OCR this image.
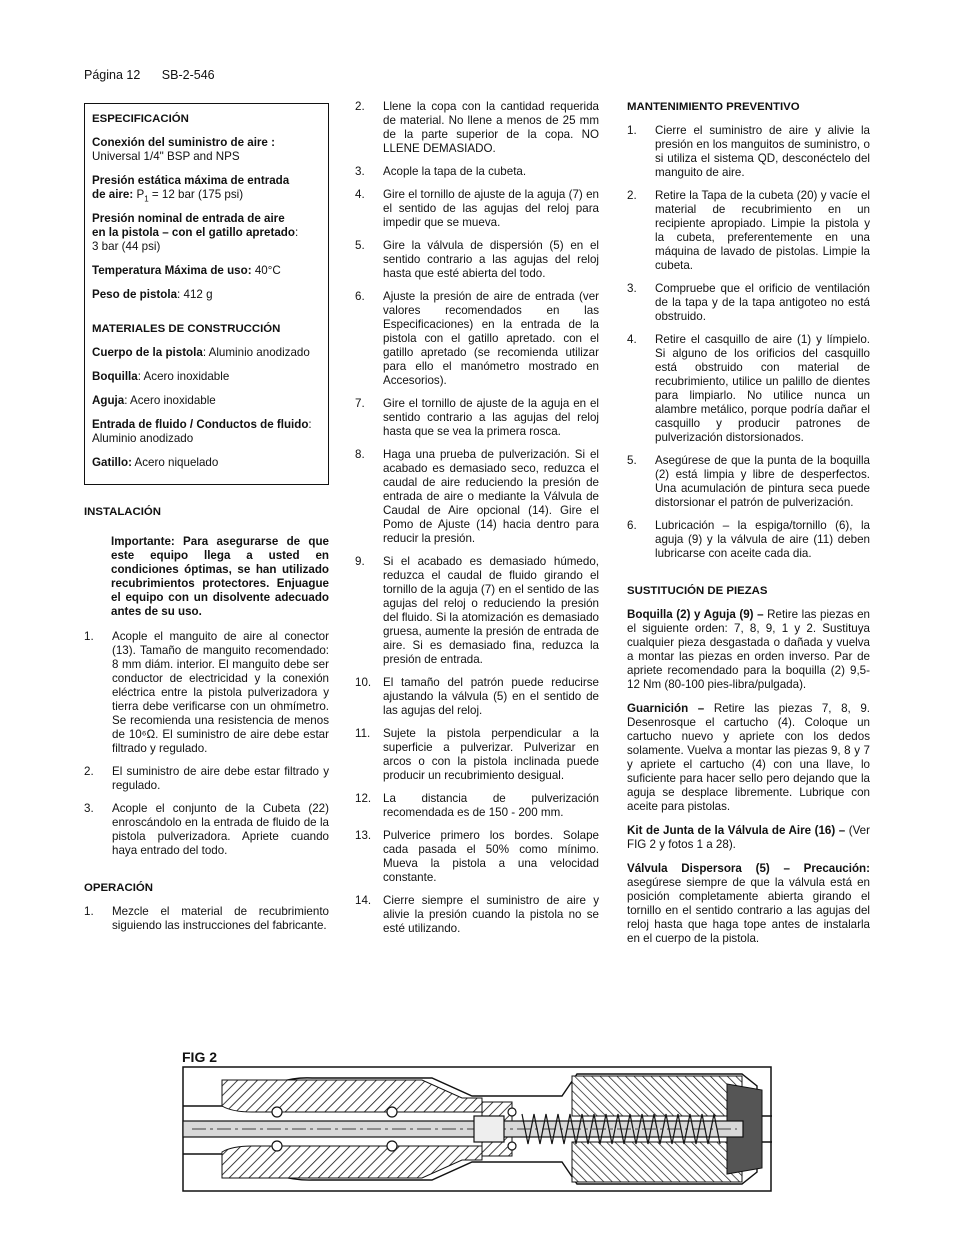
Página 12 SB-2-546
ESPECIFICACIÓN

Conexión del suministro de aire :
Universal 1/4" BSP and NPS

Presión estática máxima de entrada
de aire: $P_1 = 12$ bar (175 psi)

Presión nominal de entrada de aire
en la pistola – con el gatillo apretado:
3 bar (44 psi)

Temperatura Máxima de uso: 40°C

Peso de pistola: 412 g

MATERIALES DE CONSTRUCCIÓN

Cuerpo de la pistola: Aluminio anodizado

Boquilla: Acero inoxidable

Aguja: Acero inoxidable

Entrada de fluido / Conductos de fluido: Aluminio anodizado

Gatillo: Acero niquelado

INSTALACIÓN
Importante: Para asegurarse de que este equipo llega a usted en condiciones óptimas, se han utilizado recubrimientos protectores. Enjuague el equipo con un disolvente adecuado antes de su uso.
1. Acople el manguito de aire al conector (13). Tamaño de manguito recomendado: 8 mm diám. interior. El manguito debe ser conductor de electricidad y la conexión eléctrica entre la pistola pulverizadora y tierra debe verificarse con un ohmímetro. Se recomienda una resistencia de menos de 10⁶Ω. El suministro de aire debe estar filtrado y regulado.
2. El suministro de aire debe estar filtrado y regulado.
3. Acople el conjunto de la Cubeta (22) enroscándolo en la entrada de fluido de la pistola pulverizadora. Apriete cuando haya entrado del todo.
OPERACIÓN
1. Mezcle el material de recubrimiento siguiendo las instrucciones del fabricante.
2. Llene la copa con la cantidad requerida de material. No llene a menos de 25 mm de la parte superior de la copa. NO LLENE DEMASIADO.
3. Acople la tapa de la cubeta.
4. Gire el tornillo de ajuste de la aguja (7) en el sentido de las agujas del reloj para impedir que se mueva.
5. Gire la válvula de dispersión (5) en el sentido contrario a las agujas del reloj hasta que esté abierta del todo.
6. Ajuste la presión de aire de entrada (ver valores recomendados en las Especificaciones) en la entrada de la pistola con el gatillo apretado. con el gatillo apretado (se recomienda utilizar para ello el manómetro mostrado en Accesorios).
7. Gire el tornillo de ajuste de la aguja en el sentido contrario a las agujas del reloj hasta que se vea la primera rosca.
8. Haga una prueba de pulverización. Si el acabado es demasiado seco, reduzca el caudal de aire reduciendo la presión de entrada de aire o mediante la Válvula de Caudal de Aire opcional (14). Gire el Pomo de Ajuste (14) hacia dentro para reducir la presión.
9. Si el acabado es demasiado húmedo, reduzca el caudal de fluido girando el tornillo de la aguja (7) en el sentido de las agujas del reloj o reduciendo la presión del fluido. Si la atomización es demasiado gruesa, aumente la presión de entrada de aire. Si es demasiado fina, reduzca la presión de entrada.
10. El tamaño del patrón puede reducirse ajustando la válvula (5) en el sentido de las agujas del reloj.
11. Sujete la pistola perpendicular a la superficie a pulverizar. Pulverizar en arcos o con la pistola inclinada puede producir un recubrimiento desigual.
12. La distancia de pulverización recomendada es de 150 - 200 mm.
13. Pulverice primero los bordes. Solape cada pasada el 50% como mínimo. Mueva la pistola a una velocidad constante.
14. Cierre siempre el suministro de aire y alivie la presión cuando la pistola no se esté utilizando.
MANTENIMIENTO PREVENTIVO
1. Cierre el suministro de aire y alivie la presión en los manguitos de suministro, o si utiliza el sistema QD, desconéctelo del manguito de aire.
2. Retire la Tapa de la cubeta (20) y vacíe el material de recubrimiento en un recipiente apropiado. Limpie la pistola y la cubeta, preferentemente en una máquina de lavado de pistolas. Limpie la cubeta.
3. Compruebe que el orificio de ventilación de la tapa y de la tapa antigoteo no está obstruido.
4. Retire el casquillo de aire (1) y límpielo. Si alguno de los orificios del casquillo está obstruido con material de recubrimiento, utilice un palillo de dientes para limpiarlo. No utilice nunca un alambre metálico, porque podría dañar el casquillo y producir patrones de pulverización distorsionados.
5. Asegúrese de que la punta de la boquilla (2) está limpia y libre de desperfectos. Una acumulación de pintura seca puede distorsionar el patrón de pulverización.
6. Lubricación – la espiga/tornillo (6), la aguja (9) y la válvula de aire (11) deben lubricarse con aceite cada dia.
SUSTITUCIÓN DE PIEZAS

Boquilla (2) y Aguja (9) – Retire las piezas en el siguiente orden: 7, 8, 9, 1 y 2. Sustituya cualquier pieza desgastada o dañada y vuelva a montar las piezas en orden inverso. Par de apriete recomendado para la boquilla (2) 9,5-12 Nm (80-100 pies-libra/pulgada).

Guarnición – Retire las piezas 7, 8, 9. Desenrosque el cartucho (4). Coloque un cartucho nuevo y apriete con los dedos solamente. Vuelva a montar las piezas 9, 8 y 7 y apriete el cartucho (4) con una llave, lo suficiente para hacer sello pero dejando que la aguja se desplace libremente. Lubrique con aceite para pistolas.

Kit de Junta de la Válvula de Aire (16) – (Ver FIG 2 y fotos 1 a 28).

Válvula Dispersora (5) – Precaución: asegúrese siempre de que la válvula está en posición completamente abierta girando el tornillo en el sentido contrario a las agujas del reloj hasta que haga tope antes de instalarla en el cuerpo de la pistola.

FIG 2
